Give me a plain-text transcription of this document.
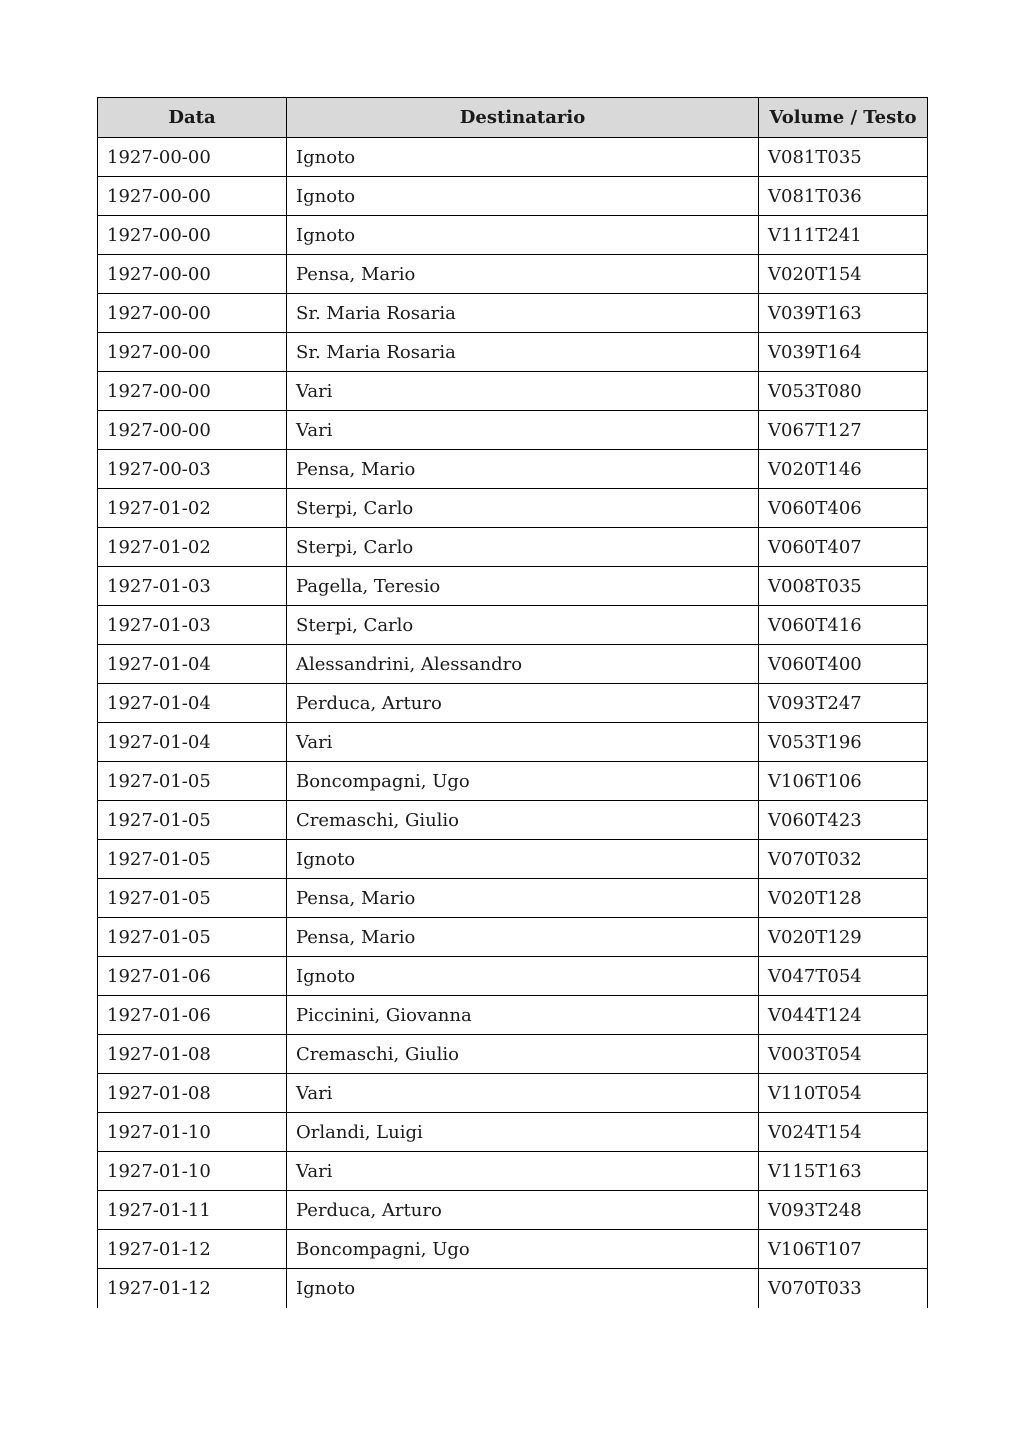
Data	Destinatario	Volume / Testo
1927-00-00	Ignoto	V081T035
1927-00-00	Ignoto	V081T036
1927-00-00	Ignoto	V111T241
1927-00-00	Pensa, Mario	V020T154
1927-00-00	Sr. Maria Rosaria	V039T163
1927-00-00	Sr. Maria Rosaria	V039T164
1927-00-00	Vari	V053T080
1927-00-00	Vari	V067T127
1927-00-03	Pensa, Mario	V020T146
1927-01-02	Sterpi, Carlo	V060T406
1927-01-02	Sterpi, Carlo	V060T407
1927-01-03	Pagella, Teresio	V008T035
1927-01-03	Sterpi, Carlo	V060T416
1927-01-04	Alessandrini, Alessandro	V060T400
1927-01-04	Perduca, Arturo	V093T247
1927-01-04	Vari	V053T196
1927-01-05	Boncompagni, Ugo	V106T106
1927-01-05	Cremaschi, Giulio	V060T423
1927-01-05	Ignoto	V070T032
1927-01-05	Pensa, Mario	V020T128
1927-01-05	Pensa, Mario	V020T129
1927-01-06	Ignoto	V047T054
1927-01-06	Piccinini, Giovanna	V044T124
1927-01-08	Cremaschi, Giulio	V003T054
1927-01-08	Vari	V110T054
1927-01-10	Orlandi, Luigi	V024T154
1927-01-10	Vari	V115T163
1927-01-11	Perduca, Arturo	V093T248
1927-01-12	Boncompagni, Ugo	V106T107
1927-01-12	Ignoto	V070T033
